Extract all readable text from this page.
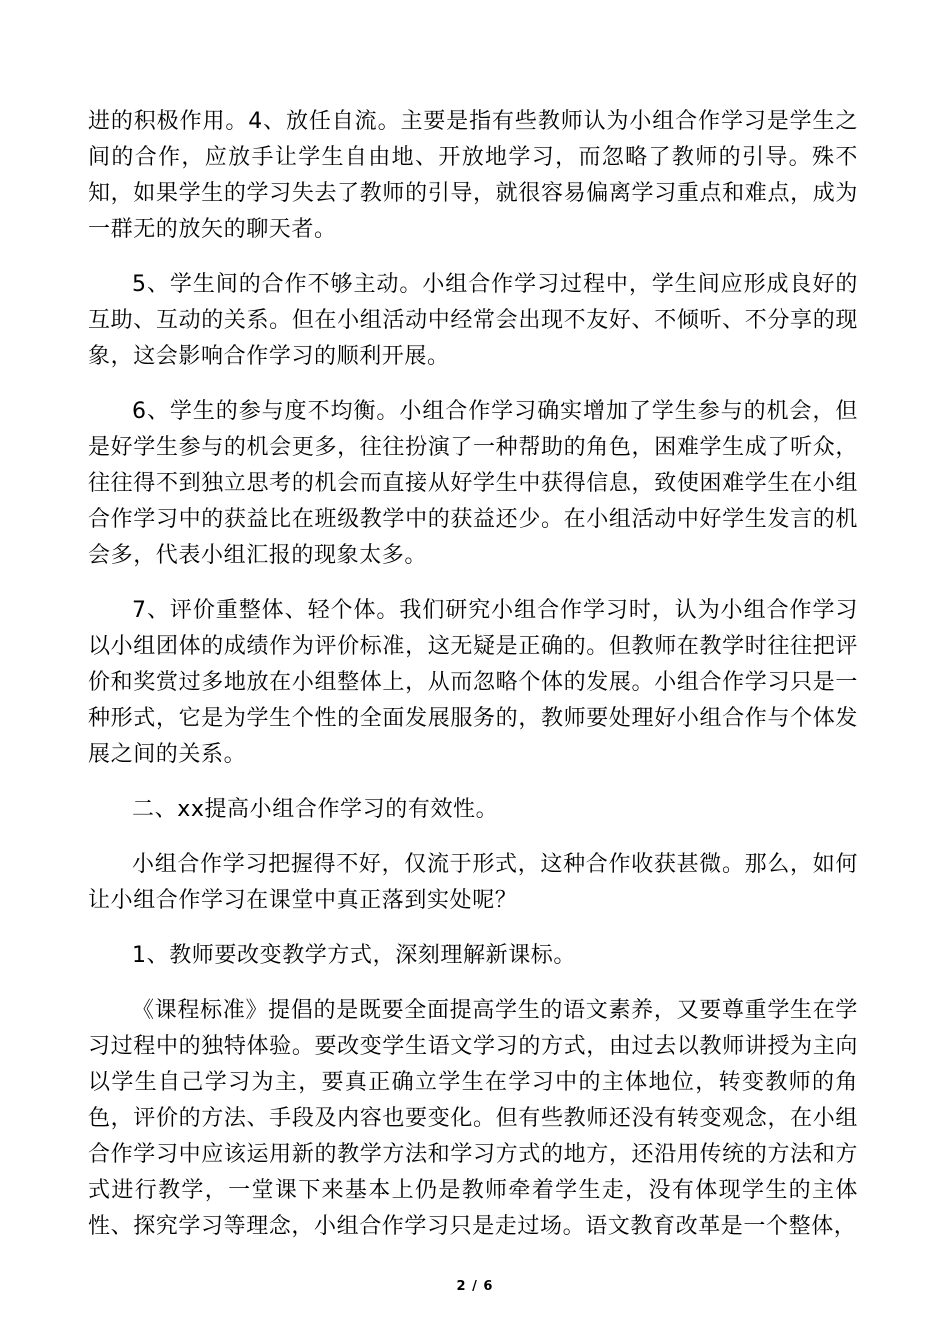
进的积极作用。4、放任自流。主要是指有些教师认为小组合作学习是学生之间的合作，应放手让学生自由地、开放地学习，而忽略了教师的引导。殊不知，如果学生的学习失去了教师的引导，就很容易偏离学习重点和难点，成为一群无的放矢的聊天者。

5、学生间的合作不够主动。小组合作学习过程中，学生间应形成良好的互助、互动的关系。但在小组活动中经常会出现不友好、不倾听、不分享的现象，这会影响合作学习的顺利开展。

6、学生的参与度不均衡。小组合作学习确实增加了学生参与的机会，但是好学生参与的机会更多，往往扮演了一种帮助的角色，困难学生成了听众，往往得不到独立思考的机会而直接从好学生中获得信息，致使困难学生在小组合作学习中的获益比在班级教学中的获益还少。在小组活动中好学生发言的机会多，代表小组汇报的现象太多。

7、评价重整体、轻个体。我们研究小组合作学习时，认为小组合作学习以小组团体的成绩作为评价标准，这无疑是正确的。但教师在教学时往往把评价和奖赏过多地放在小组整体上，从而忽略个体的发展。小组合作学习只是一种形式，它是为学生个性的全面发展服务的，教师要处理好小组合作与个体发展之间的关系。

二、xx提高小组合作学习的有效性。

小组合作学习把握得不好，仅流于形式，这种合作收获甚微。那么，如何让小组合作学习在课堂中真正落到实处呢？

1、教师要改变教学方式，深刻理解新课标。

《课程标准》提倡的是既要全面提高学生的语文素养，又要尊重学生在学习过程中的独特体验。要改变学生语文学习的方式，由过去以教师讲授为主向以学生自己学习为主，要真正确立学生在学习中的主体地位，转变教师的角色，评价的方法、手段及内容也要变化。但有些教师还没有转变观念，在小组合作学习中应该运用新的教学方法和学习方式的地方，还沿用传统的方法和方式进行教学，一堂课下来基本上仍是教师牵着学生走，没有体现学生的主体性、探究学习等理念，小组合作学习只是走过场。语文教育改革是一个整体，

2 / 6
